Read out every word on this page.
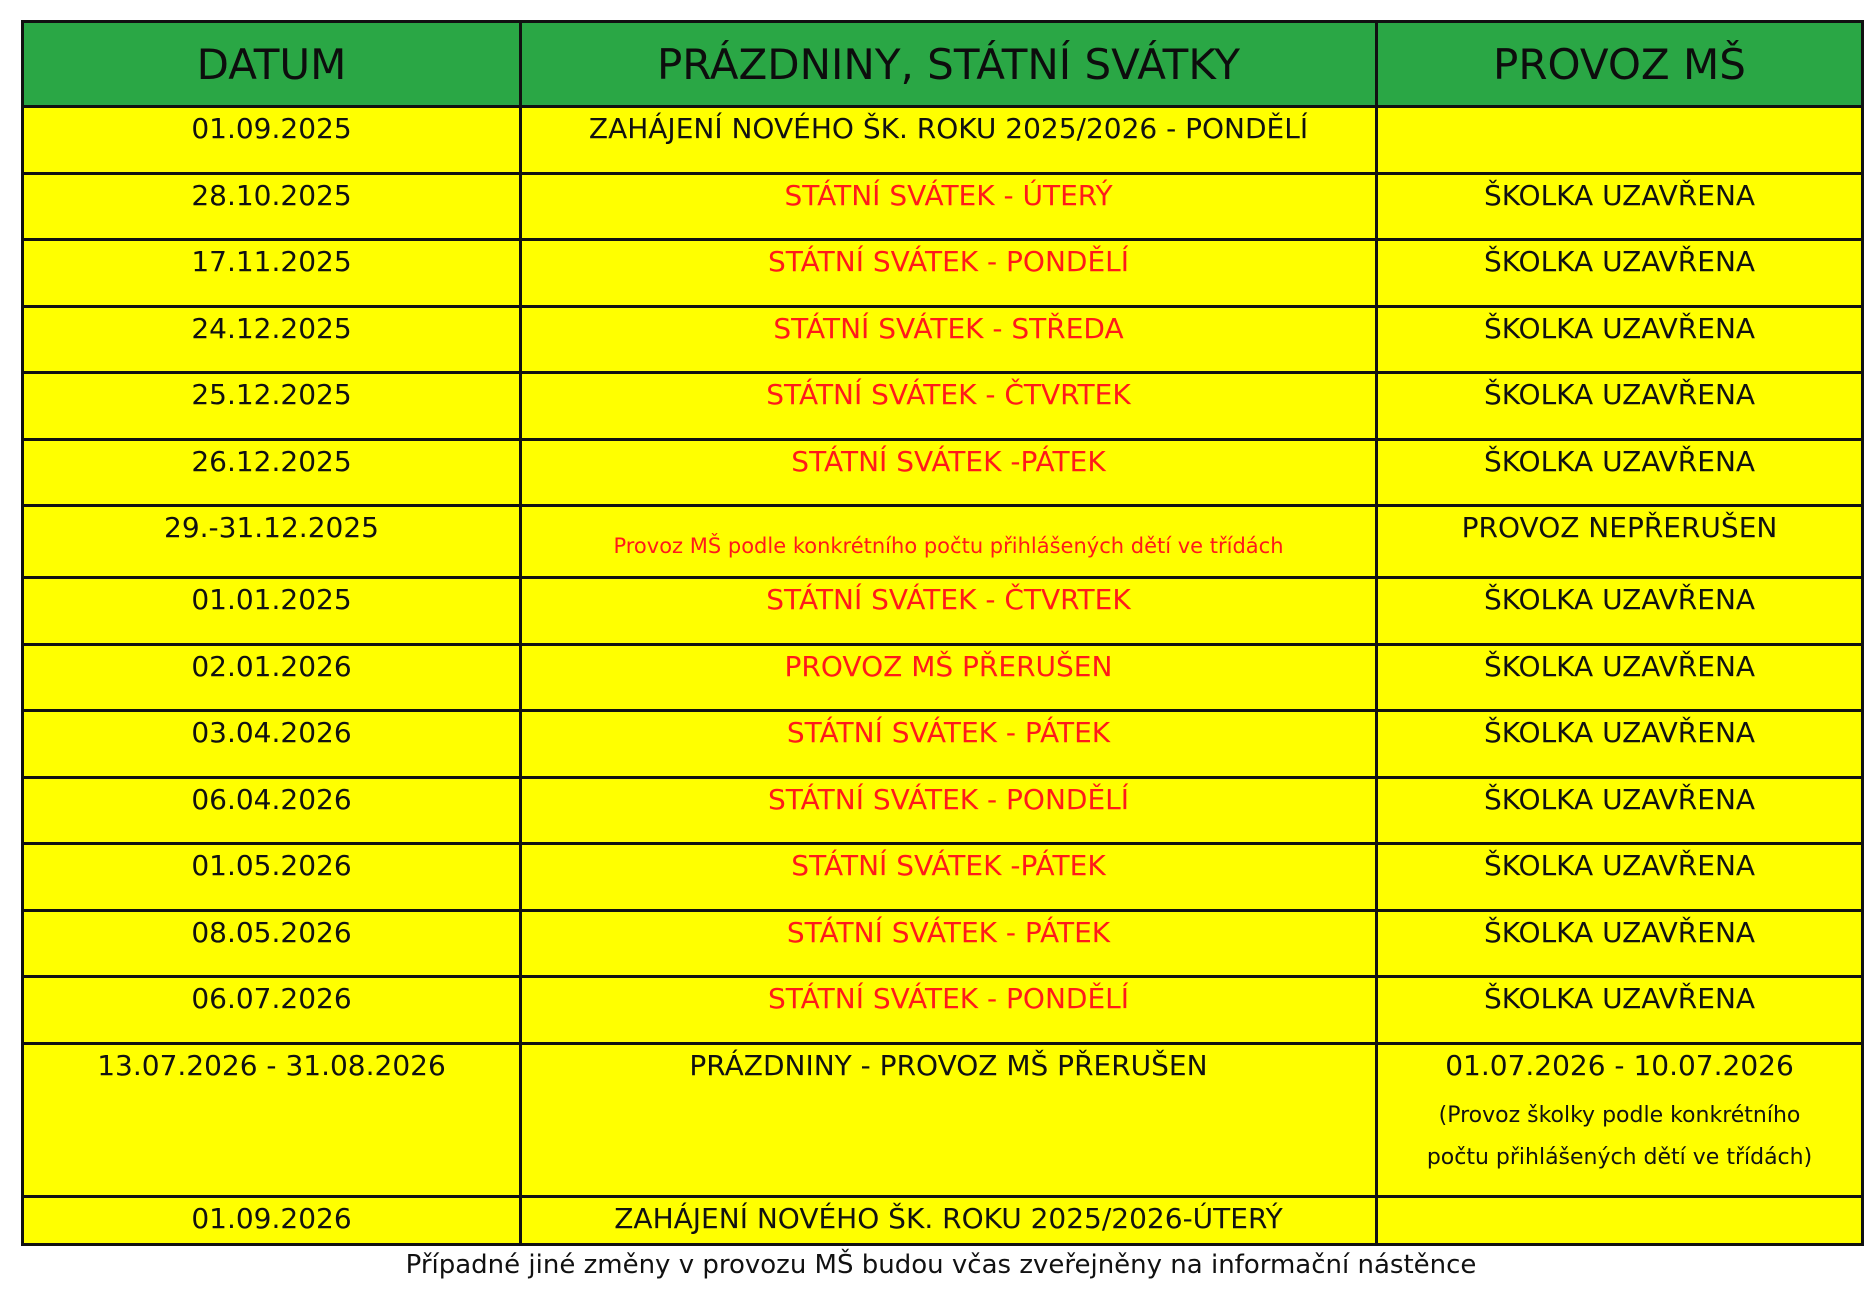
DATUM	PRÁZDNINY, STÁTNÍ SVÁTKY	PROVOZ MŠ
01.09.2025	ZAHÁJENÍ NOVÉHO ŠK. ROKU 2025/2026 - PONDĚLÍ	
28.10.2025	STÁTNÍ SVÁTEK - ÚTERÝ	ŠKOLKA UZAVŘENA
17.11.2025	STÁTNÍ SVÁTEK - PONDĚLÍ	ŠKOLKA UZAVŘENA
24.12.2025	STÁTNÍ SVÁTEK - STŘEDA	ŠKOLKA UZAVŘENA
25.12.2025	STÁTNÍ SVÁTEK - ČTVRTEK	ŠKOLKA UZAVŘENA
26.12.2025	STÁTNÍ SVÁTEK -PÁTEK	ŠKOLKA UZAVŘENA
29.-31.12.2025	Provoz MŠ podle konkrétního počtu přihlášených dětí ve třídách	PROVOZ NEPŘERUŠEN
01.01.2025	STÁTNÍ SVÁTEK - ČTVRTEK	ŠKOLKA UZAVŘENA
02.01.2026	PROVOZ MŠ PŘERUŠEN	ŠKOLKA UZAVŘENA
03.04.2026	STÁTNÍ SVÁTEK - PÁTEK	ŠKOLKA UZAVŘENA
06.04.2026	STÁTNÍ SVÁTEK - PONDĚLÍ	ŠKOLKA UZAVŘENA
01.05.2026	STÁTNÍ SVÁTEK -PÁTEK	ŠKOLKA UZAVŘENA
08.05.2026	STÁTNÍ SVÁTEK - PÁTEK	ŠKOLKA UZAVŘENA
06.07.2026	STÁTNÍ SVÁTEK - PONDĚLÍ	ŠKOLKA UZAVŘENA
13.07.2026 - 31.08.2026	PRÁZDNINY - PROVOZ MŠ PŘERUŠEN	01.07.2026 - 10.07.2026
(Provoz školky podle konkrétního
počtu přihlášených dětí ve třídách)

01.09.2026	ZAHÁJENÍ NOVÉHO ŠK. ROKU 2025/2026-ÚTERÝ	
Případné jiné změny v provozu MŠ budou včas zveřejněny na informační nástěnce
